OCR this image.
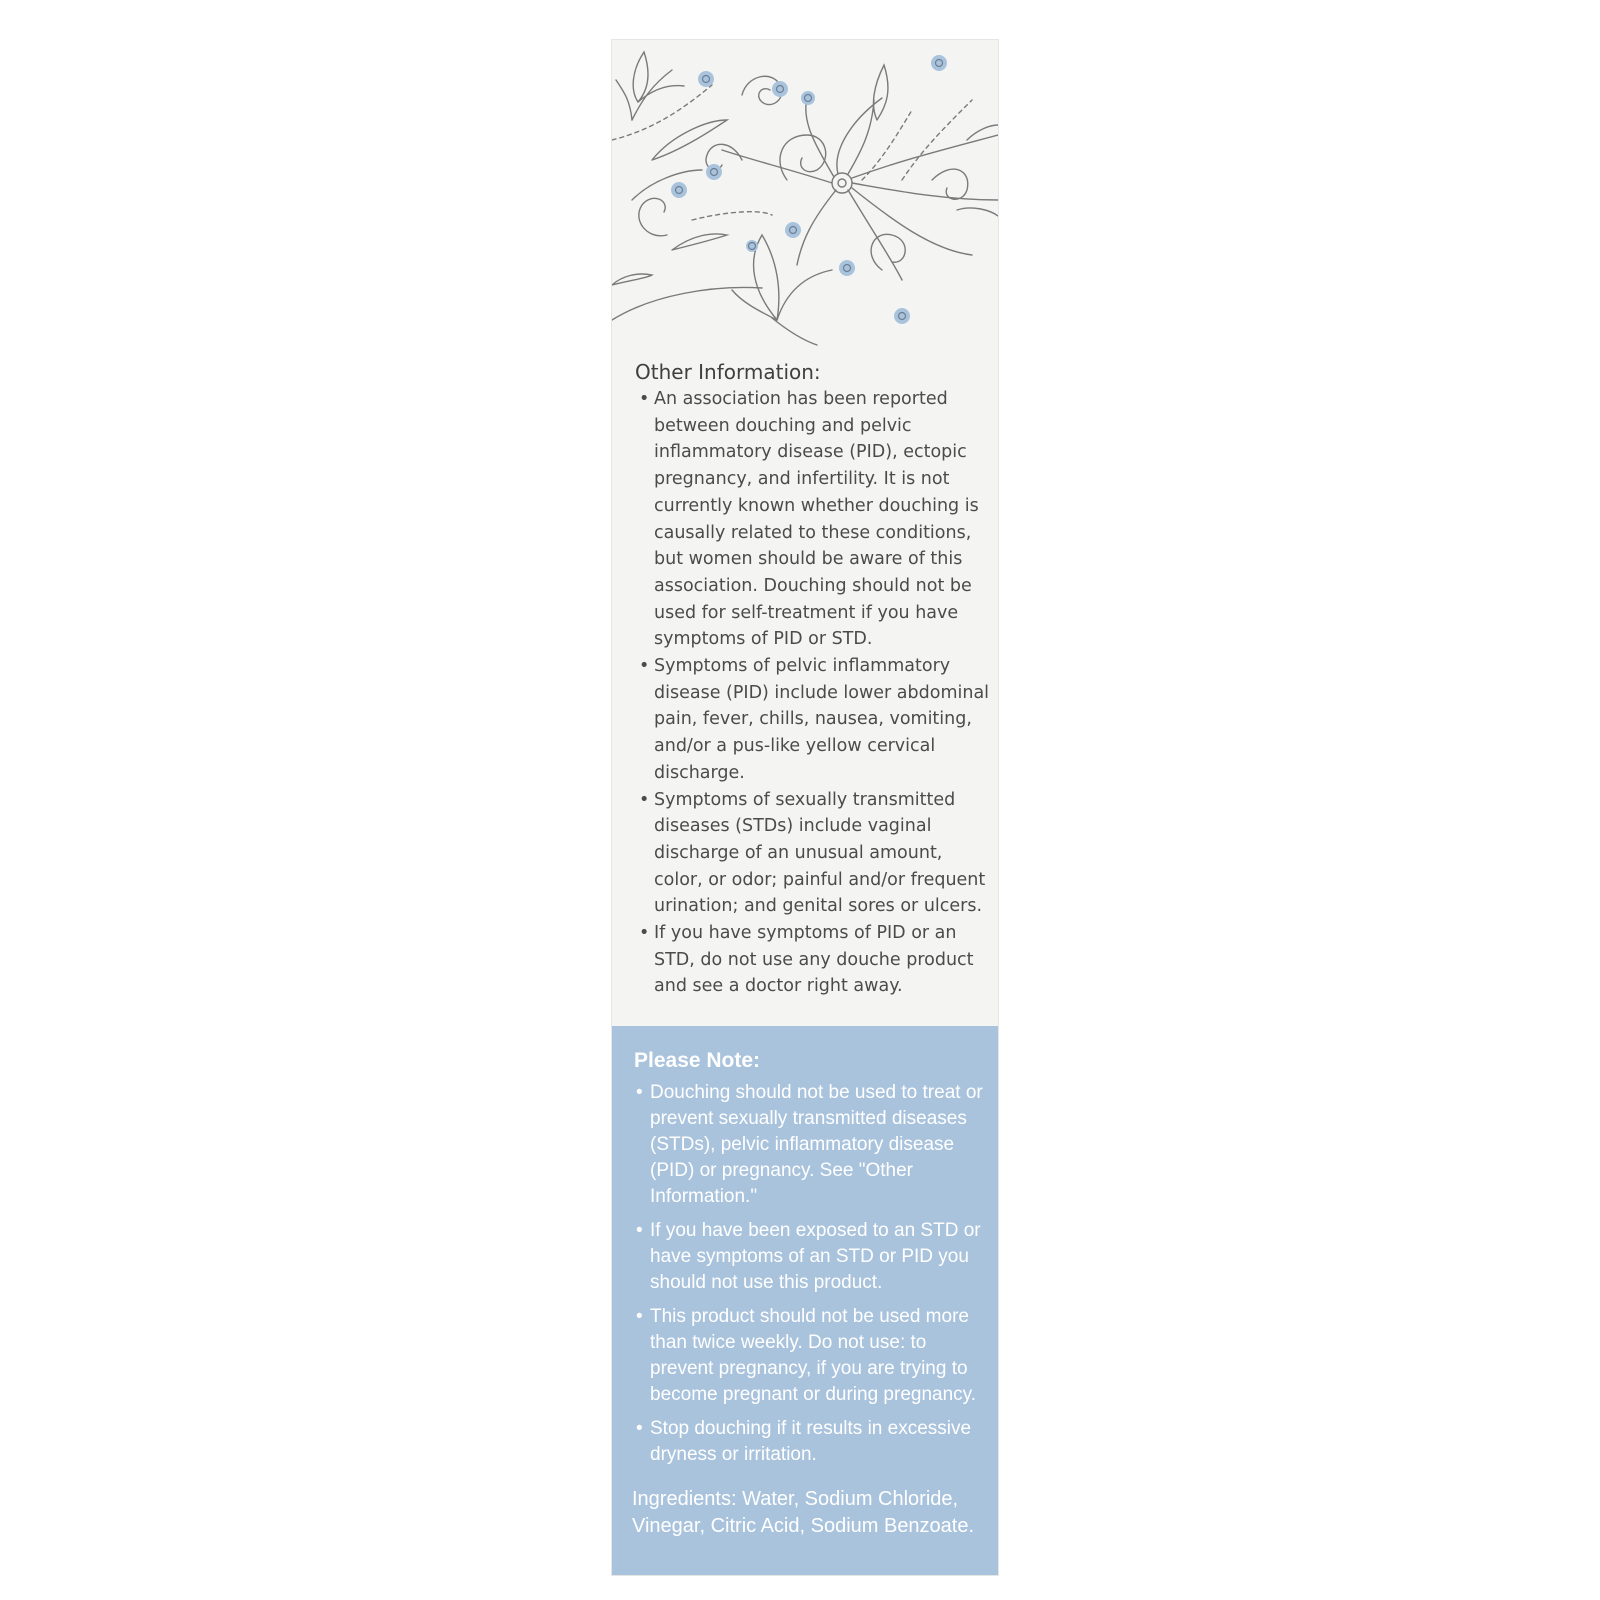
Other Information:
• An association has been reported between douching and pelvic inflammatory disease (PID), ectopic pregnancy, and infertility. It is not currently known whether douching is causally related to these conditions, but women should be aware of this association. Douching should not be used for self-treatment if you have symptoms of PID or STD.
• Symptoms of pelvic inflammatory disease (PID) include lower abdominal pain, fever, chills, nausea, vomiting, and/or a pus-like yellow cervical discharge.
• Symptoms of sexually transmitted diseases (STDs) include vaginal discharge of an unusual amount, color, or odor; painful and/or frequent urination; and genital sores or ulcers.
• If you have symptoms of PID or an STD, do not use any douche product and see a doctor right away.
Please Note:
• Douching should not be used to treat or prevent sexually transmitted diseases (STDs), pelvic inflammatory disease (PID) or pregnancy. See "Other Information."
• If you have been exposed to an STD or have symptoms of an STD or PID you should not use this product.
• This product should not be used more than twice weekly. Do not use: to prevent pregnancy, if you are trying to become pregnant or during pregnancy.
• Stop douching if it results in excessive dryness or irritation.

Ingredients: Water, Sodium Chloride, Vinegar, Citric Acid, Sodium Benzoate.
